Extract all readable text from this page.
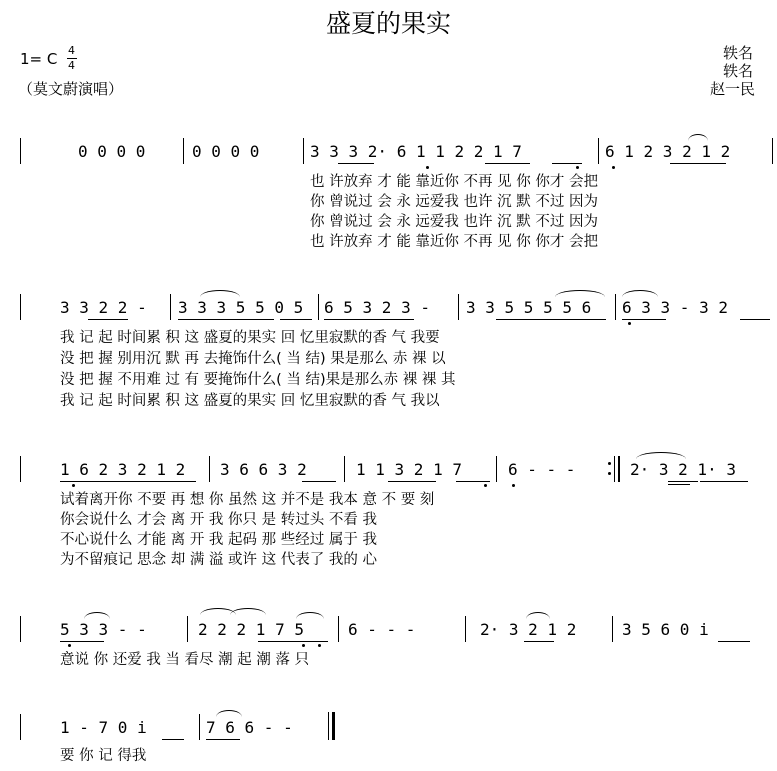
盛夏的果实
1= C 4
4
（莫文蔚演唱）
轶名
轶名
赵一民
0 0 0 0	0 0 0 0	3 3 3 2· 6 1 1 2 2 1 7	6 1 2 3 2 1 2
也 许放弃 才 能 靠近你 不再 见 你 你才 会把
你 曾说过 会 永 远爱我 也许 沉 默 不过 因为
你 曾说过 会 永 远爱我 也许 沉 默 不过 因为
也 许放弃 才 能 靠近你 不再 见 你 你才 会把
3 3 2 2 - 3 3 3 5 5 0 5 6 5 3 2 3 - 3 3 5 5 5 5 6 6 3 3 - 3 2
我 记 起 时间累 积 这 盛夏的果实 回 忆里寂默的香 气 我要
没 把 握 别用沉 默 再 去掩饰什么( 当 结) 果是那么 赤 裸 以
没 把 握 不用难 过 有 要掩饰什么( 当 结)果是那么赤 裸 裸 其
我 记 起 时间累 积 这 盛夏的果实 回 忆里寂默的香 气 我以
1 6 2 3 2 1 2 3 6 6 3 2	1 1 3 2 1 7	6 - - -	2· 3 2 1· 3
试着离开你 不要 再 想 你 虽然 这 并不是 我本 意 不 要 刻
你会说什么 才会 离 开 我 你只 是 转过头 不看 我
不心说什么 才能 离 开 我 起码 那 些经过 属于 我
为不留痕记 思念 却 满 溢 或许 这 代表了 我的 心
5 3 3 - -	2 2 2 1 7 5	6 - - -	2· 3 2 1 2	3 5 6 0 i
意说 你 还爱 我 当 看尽 潮 起 潮 落 只
1 - 7 0 i	7 6 6 - -
要 你 记 得我
